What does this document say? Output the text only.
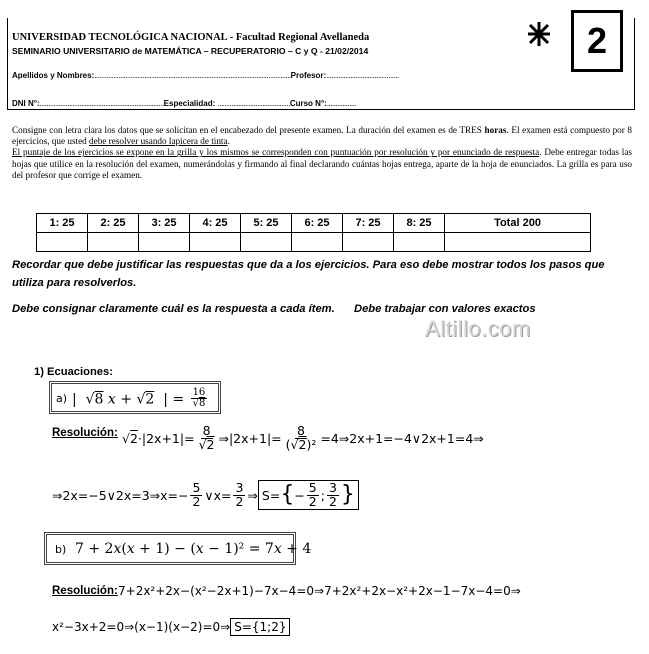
UNIVERSIDAD TECNOLÓGICA NACIONAL - Facultad Regional Avellaneda
SEMINARIO UNIVERSITARIO de MATEMÁTICA – RECUPERATORIO – C y Q - 21/02/2014
Apellidos y Nombres:..................................................................................................................Profesor:..........................................
DNI N°:........................................................................Especialidad: ..........................................Curso N°:.................
2
Consigne con letra clara los datos que se solicitan en el encabezado del presente examen. La duración del examen es de TRES horas. El examen está compuesto por 8 ejercicios, que usted debe resolver usando lapicera de tinta.
El puntaje de los ejercicios se expone en la grilla y los mismos se corresponden con puntuación por resolución y por enunciado de respuesta. Debe entregar todas las hojas que utilice en la resolución del examen, numerándolas y firmando al final declarando cuántas hojas entrega, aparte de la hoja de enunciados. La grilla es para uso del profesor que corrige el examen.
1: 25	2: 25	3: 25	4: 25	5: 25	6: 25	7: 25	8: 25	Total 200

Recordar que debe justificar las respuestas que da a los ejercicios. Para eso debe mostrar todos los pasos que utiliza para resolverlos.
Debe consignar claramente cuál es la respuesta a cada ítem. Debe trabajar con valores exactos
Altillo.com
1) Ecuaciones:
a) |  √8 x + √2  | = $\frac{16}{√8}$
Resolución: $√2\cdot|2x+1|= \frac{8}{√2}$ ⇒|2x+1|= $\frac{8}{\text{(√2)²}}$ =4⇒2x+1=−4∨2x+1=4⇒
⇒2x=−5∨2x=3⇒x=− $\frac{5}{2}$ ∨x= $\frac{3}{2}$ ⇒ S= { − $\frac{5}{2}$ ; $\frac{3}{2}$ }
b) 7 + 2𝑥(𝑥 + 1) − (𝑥 − 1)² = 7𝑥 + 4
Resolución: 7+2x²+2x−(x²−2x+1)−7x−4=0⇒7+2x²+2x−x²+2x−1−7x−4=0⇒
x²−3x+2=0⇒(x−1)(x−2)=0⇒ S={1;2}
